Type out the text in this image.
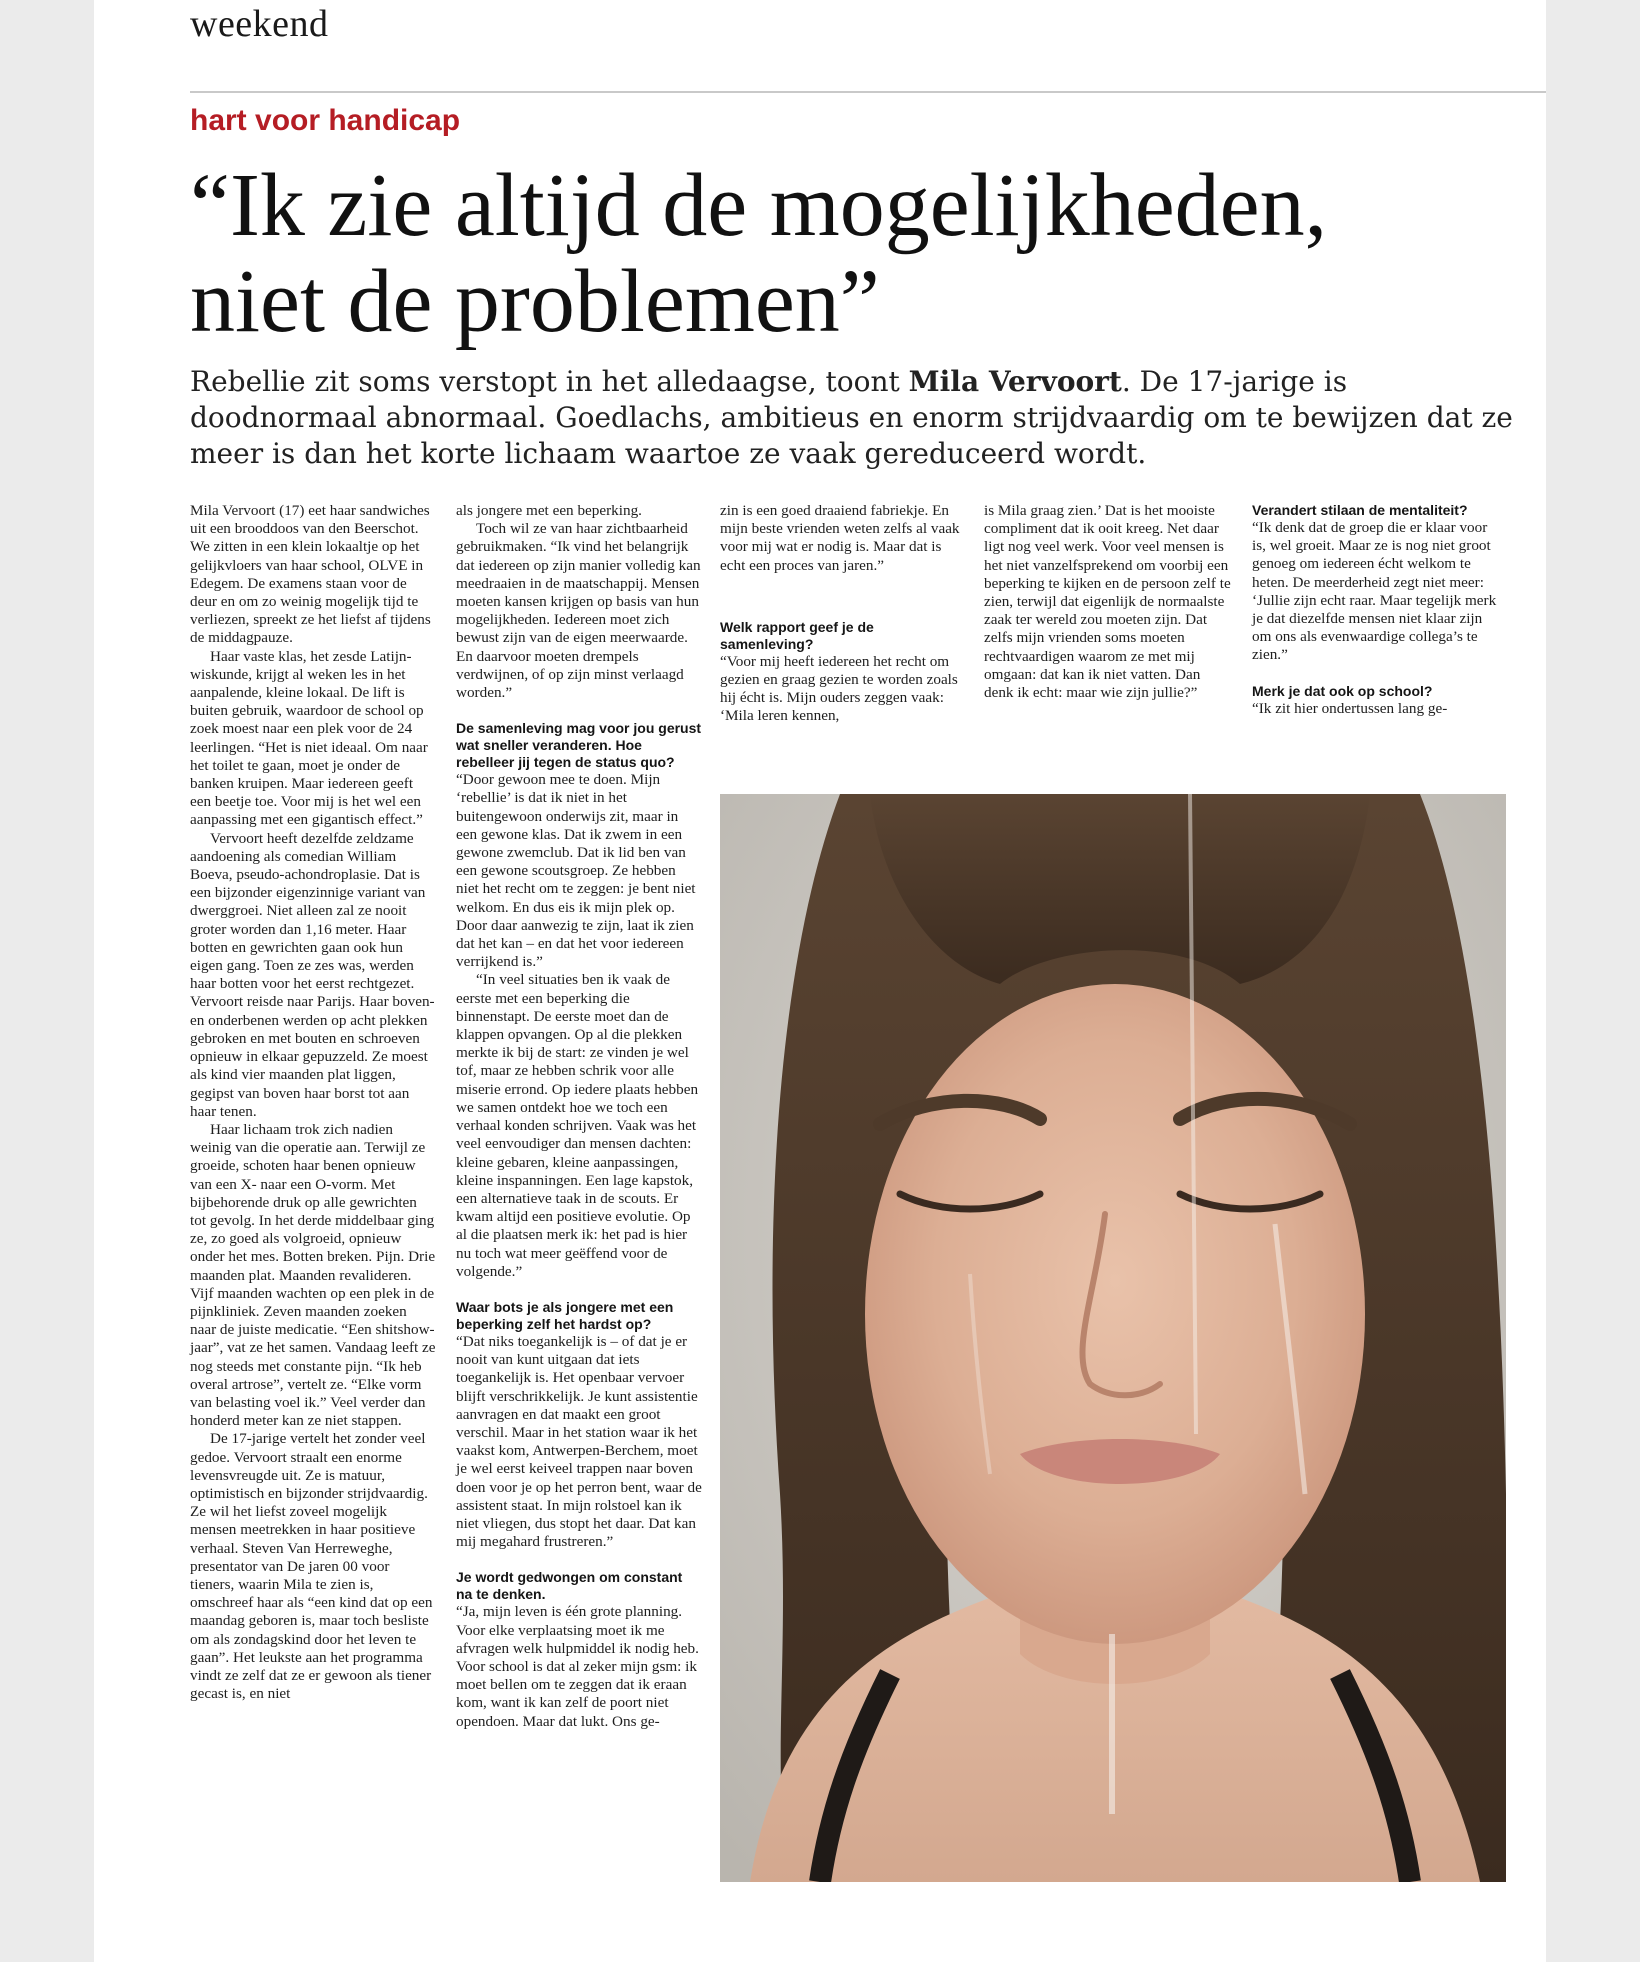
weekend
hart voor handicap
“Ik zie altijd de mogelijkheden,
niet de problemen”

Rebellie zit soms verstopt in het alledaagse, toont Mila Vervoort. De 17-jarige is doodnormaal abnormaal. Goedlachs, ambitieus en enorm strijdvaardig om te bewijzen dat ze meer is dan het korte lichaam waartoe ze vaak gereduceerd wordt.

Mila Vervoort (17) eet haar sandwiches uit een brooddoos van den Beerschot. We zitten in een klein lokaaltje op het gelijkvloers van haar school, OLVE in Edegem. De examens staan voor de deur en om zo weinig mogelijk tijd te verliezen, spreekt ze het liefst af tijdens de middagpauze.

Haar vaste klas, het zesde Latijn-wiskunde, krijgt al weken les in het aanpalende, kleine lokaal. De lift is buiten gebruik, waardoor de school op zoek moest naar een plek voor de 24 leerlingen. “Het is niet ideaal. Om naar het toilet te gaan, moet je onder de banken kruipen. Maar iedereen geeft een beetje toe. Voor mij is het wel een aanpassing met een gigantisch effect.”

Vervoort heeft dezelfde zeldzame aandoening als comedian William Boeva, pseudo-achondroplasie. Dat is een bijzonder eigenzinnige variant van dwerggroei. Niet alleen zal ze nooit groter worden dan 1,16 meter. Haar botten en gewrichten gaan ook hun eigen gang. Toen ze zes was, werden haar botten voor het eerst rechtgezet. Vervoort reisde naar Parijs. Haar boven- en onderbenen werden op acht plekken gebroken en met bouten en schroeven opnieuw in elkaar gepuzzeld. Ze moest als kind vier maanden plat liggen, gegipst van boven haar borst tot aan haar tenen.

Haar lichaam trok zich nadien weinig van die operatie aan. Terwijl ze groeide, schoten haar benen opnieuw van een X- naar een O-vorm. Met bijbehorende druk op alle gewrichten tot gevolg. In het derde middelbaar ging ze, zo goed als volgroeid, opnieuw onder het mes. Botten breken. Pijn. Drie maanden plat. Maanden revalideren. Vijf maanden wachten op een plek in de pijnkliniek. Zeven maanden zoeken naar de juiste medicatie. “Een shitshow-jaar”, vat ze het samen. Vandaag leeft ze nog steeds met constante pijn. “Ik heb overal artrose”, vertelt ze. “Elke vorm van belasting voel ik.” Veel verder dan honderd meter kan ze niet stappen.

De 17-jarige vertelt het zonder veel gedoe. Vervoort straalt een enorme levensvreugde uit. Ze is matuur, optimistisch en bijzonder strijdvaardig. Ze wil het liefst zoveel mogelijk mensen meetrekken in haar positieve verhaal. Steven Van Herreweghe, presentator van De jaren 00 voor tieners, waarin Mila te zien is, omschreef haar als “een kind dat op een maandag geboren is, maar toch besliste om als zondagskind door het leven te gaan”. Het leukste aan het programma vindt ze zelf dat ze er gewoon als tiener gecast is, en niet

als jongere met een beperking.

Toch wil ze van haar zichtbaarheid gebruikmaken. “Ik vind het belangrijk dat iedereen op zijn manier volledig kan meedraaien in de maatschappij. Mensen moeten kansen krijgen op basis van hun mogelijkheden. Iedereen moet zich bewust zijn van de eigen meerwaarde. En daarvoor moeten drempels verdwijnen, of op zijn minst verlaagd worden.”

De samenleving mag voor jou gerust wat sneller veranderen. Hoe rebelleer jij tegen de status quo?

“Door gewoon mee te doen. Mijn ‘rebellie’ is dat ik niet in het buitengewoon onderwijs zit, maar in een gewone klas. Dat ik zwem in een gewone zwemclub. Dat ik lid ben van een gewone scoutsgroep. Ze hebben niet het recht om te zeggen: je bent niet welkom. En dus eis ik mijn plek op. Door daar aanwezig te zijn, laat ik zien dat het kan – en dat het voor iedereen verrijkend is.”

“In veel situaties ben ik vaak de eerste met een beperking die binnenstapt. De eerste moet dan de klappen opvangen. Op al die plekken merkte ik bij de start: ze vinden je wel tof, maar ze hebben schrik voor alle miserie errond. Op iedere plaats hebben we samen ontdekt hoe we toch een verhaal konden schrijven. Vaak was het veel eenvoudiger dan mensen dachten: kleine gebaren, kleine aanpassingen, kleine inspanningen. Een lage kapstok, een alternatieve taak in de scouts. Er kwam altijd een positieve evolutie. Op al die plaatsen merk ik: het pad is hier nu toch wat meer geëffend voor de volgende.”

Waar bots je als jongere met een beperking zelf het hardst op?

“Dat niks toegankelijk is – of dat je er nooit van kunt uitgaan dat iets toegankelijk is. Het openbaar vervoer blijft verschrikkelijk. Je kunt assistentie aanvragen en dat maakt een groot verschil. Maar in het station waar ik het vaakst kom, Antwerpen-Berchem, moet je wel eerst keiveel trappen naar boven doen voor je op het perron bent, waar de assistent staat. In mijn rolstoel kan ik niet vliegen, dus stopt het daar. Dat kan mij megahard frustreren.”

Je wordt gedwongen om constant na te denken.

“Ja, mijn leven is één grote planning. Voor elke verplaatsing moet ik me afvragen welk hulpmiddel ik nodig heb. Voor school is dat al zeker mijn gsm: ik moet bellen om te zeggen dat ik eraan kom, want ik kan zelf de poort niet opendoen. Maar dat lukt. Ons ge-

zin is een goed draaiend fabriekje. En mijn beste vrienden weten zelfs al vaak voor mij wat er nodig is. Maar dat is echt een proces van jaren.”

Welk rapport geef je de samenleving?

“Voor mij heeft iedereen het recht om gezien en graag gezien te worden zoals hij écht is. Mijn ouders zeggen vaak: ‘Mila leren kennen,

is Mila graag zien.’ Dat is het mooiste compliment dat ik ooit kreeg. Net daar ligt nog veel werk. Voor veel mensen is het niet vanzelfsprekend om voorbij een beperking te kijken en de persoon zelf te zien, terwijl dat eigenlijk de normaalste zaak ter wereld zou moeten zijn. Dat zelfs mijn vrienden soms moeten rechtvaardigen waarom ze met mij omgaan: dat kan ik niet vatten. Dan denk ik echt: maar wie zijn jullie?”

Verandert stilaan de mentaliteit?

“Ik denk dat de groep die er klaar voor is, wel groeit. Maar ze is nog niet groot genoeg om iedereen écht welkom te heten. De meerderheid zegt niet meer: ‘Jullie zijn echt raar. Maar tegelijk merk je dat diezelfde mensen niet klaar zijn om ons als evenwaardige collega’s te zien.”

Merk je dat ook op school?

“Ik zit hier ondertussen lang ge-
